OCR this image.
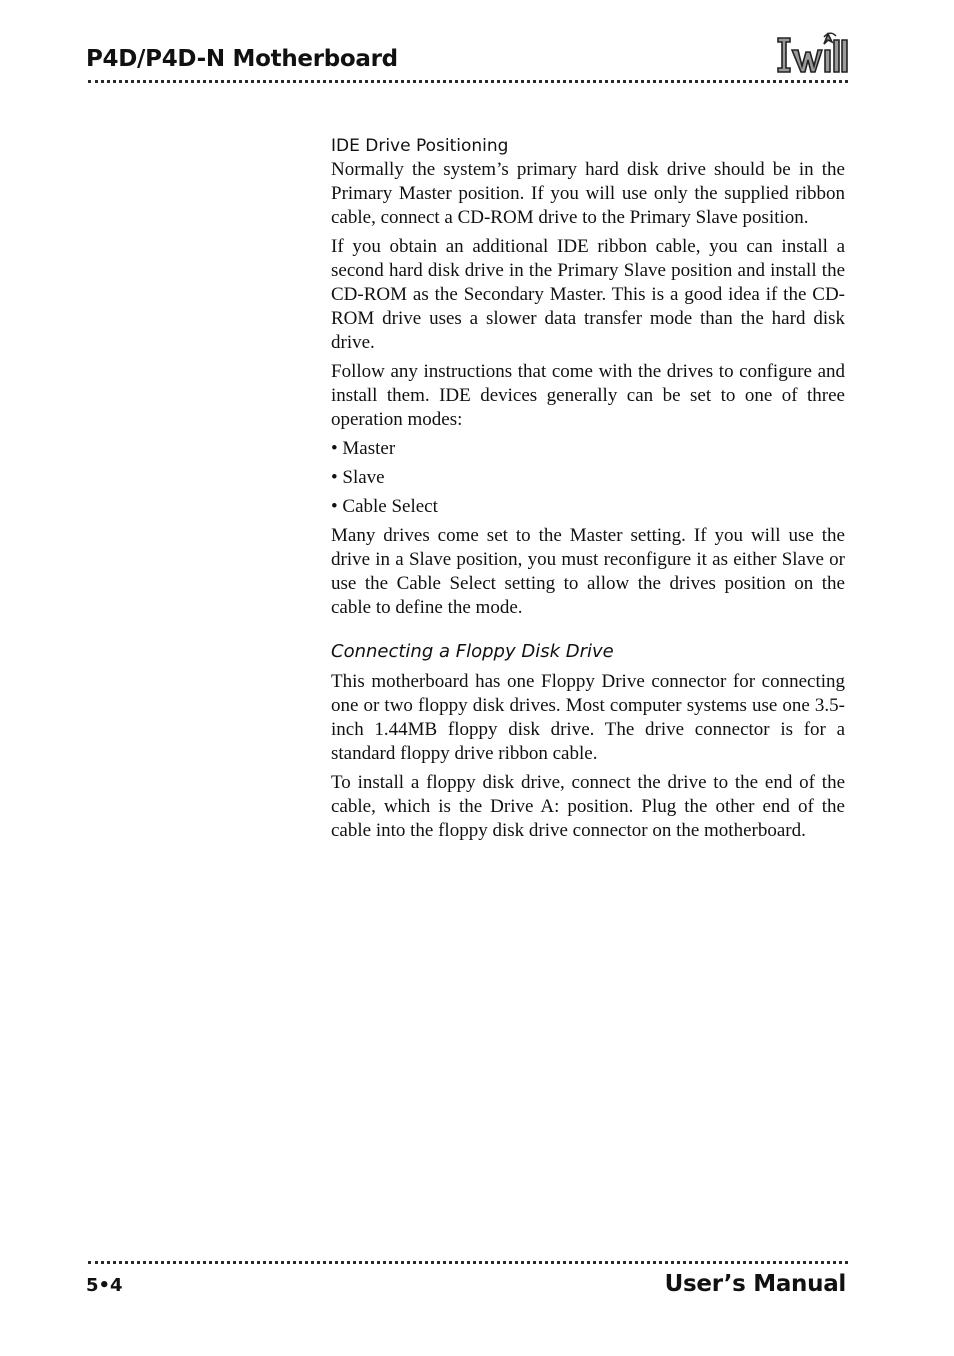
P4D/P4D-N Motherboard
IDE Drive Positioning

Normally the system’s primary hard disk drive should be in the Primary Master position. If you will use only the supplied ribbon cable, connect a CD-ROM drive to the Primary Slave position.

If you obtain an additional IDE ribbon cable, you can install a second hard disk drive in the Primary Slave position and install the CD-ROM as the Secondary Master. This is a good idea if the CD-ROM drive uses a slower data transfer mode than the hard disk drive.

Follow any instructions that come with the drives to configure and install them. IDE devices generally can be set to one of three operation modes:

• Master
• Slave
• Cable Select

Many drives come set to the Master setting. If you will use the drive in a Slave position, you must reconfigure it as either Slave or use the Cable Select setting to allow the drives position on the cable to define the mode.

Connecting a Floppy Disk Drive

This motherboard has one Floppy Drive connector for connecting one or two floppy disk drives. Most computer systems use one 3.5-inch 1.44MB floppy disk drive. The drive connector is for a standard floppy drive ribbon cable.

To install a floppy disk drive, connect the drive to the end of the cable, which is the Drive A: position. Plug the other end of the cable into the floppy disk drive connector on the motherboard.

5•4	User’s Manual
